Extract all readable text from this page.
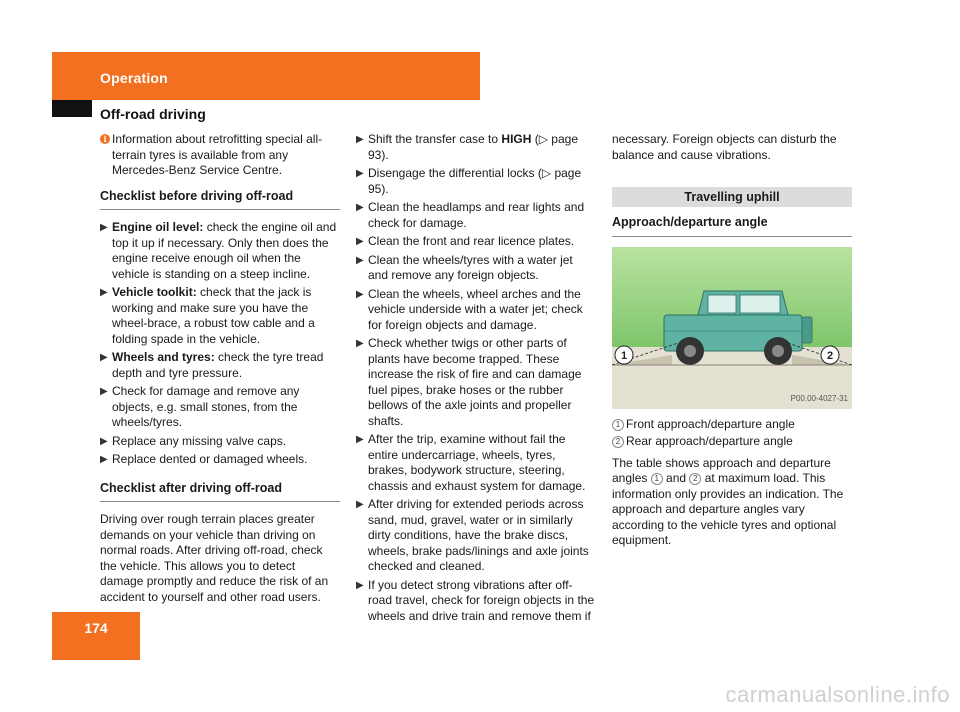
Operation
Off-road driving
i Information about retrofitting special all-terrain tyres is available from any Mercedes-Benz Service Centre.
Checklist before driving off-road
▶ Engine oil level: check the engine oil and top it up if necessary. Only then does the engine receive enough oil when the vehicle is standing on a steep incline.
▶ Vehicle toolkit: check that the jack is working and make sure you have the wheel-brace, a robust tow cable and a folding spade in the vehicle.
▶ Wheels and tyres: check the tyre tread depth and tyre pressure.
▶ Check for damage and remove any objects, e.g. small stones, from the wheels/tyres.
▶ Replace any missing valve caps.
▶ Replace dented or damaged wheels.
Checklist after driving off-road

Driving over rough terrain places greater demands on your vehicle than driving on normal roads. After driving off-road, check the vehicle. This allows you to detect damage promptly and reduce the risk of an accident to yourself and other road users.

▶ Shift the transfer case to HIGH (▷ page 93).
▶ Disengage the differential locks (▷ page 95).
▶ Clean the headlamps and rear lights and check for damage.
▶ Clean the front and rear licence plates.
▶ Clean the wheels/tyres with a water jet and remove any foreign objects.
▶ Clean the wheels, wheel arches and the vehicle underside with a water jet; check for foreign objects and damage.
▶ Check whether twigs or other parts of plants have become trapped. These increase the risk of fire and can damage fuel pipes, brake hoses or the rubber bellows of the axle joints and propeller shafts.
▶ After the trip, examine without fail the entire undercarriage, wheels, tyres, brakes, bodywork structure, steering, chassis and exhaust system for damage.
▶ After driving for extended periods across sand, mud, gravel, water or in similarly dirty conditions, have the brake discs, wheels, brake pads/linings and axle joints checked and cleaned.
▶ If you detect strong vibrations after off-road travel, check for foreign objects in the wheels and drive train and remove them if

necessary. Foreign objects can disturb the balance and cause vibrations.

Travelling uphill
Approach/departure angle
1	2
P00.00-4027-31
1 Front approach/departure angle
2 Rear approach/departure angle

The table shows approach and departure angles 1 and 2 at maximum load. This information only provides an indication. The approach and departure angles vary according to the vehicle tyres and optional equipment.

174
carmanualsonline.info
